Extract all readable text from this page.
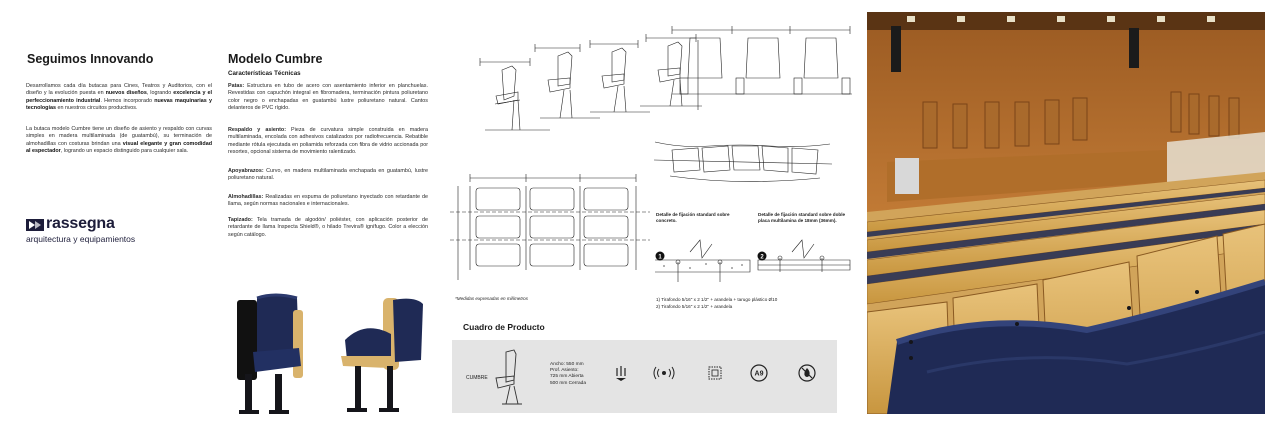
Seguimos Innovando
Desarrollamos cada día butacas para Cines, Teatros y Auditorios, con el diseño y la evolución puesta en nuevos diseños, logrando excelencia y el perfeccionamiento industrial. Hemos incorporado nuevas maquinarias y tecnologías en nuestros circuitos productivos.
La butaca modelo Cumbre tiene un diseño de asiento y respaldo con curvas simples en madera multilaminada (de guatambú), su terminación de almohadillas con costuras brindan una visual elegante y gran comodidad al espectador, logrando un espacio distinguido para cualquier sala.
rassegna
arquitectura y equipamientos
Modelo Cumbre
Características Técnicas
Patas: Estructura en tubo de acero con asentamiento inferior en planchuelas. Revestidas con capuchón integral en fibromadera, terminación pintura poliuretano color negro o enchapadas en guatambú lustre poliuretano natural. Cantos delanteros de PVC rígido.
Respaldo y asiento: Pieza de curvatura simple construida en madera multilaminada, encolada con adhesivos catalizados por radiofrecuencia. Rebatible mediante rótula ejecutada en poliamida reforzada con fibra de vidrio accionada por resortes, opcional sistema de movimiento ralentizado.
Apoyabrazos: Curvo, en madera multilaminada enchapada en guatambú, lustre poliuretano natural.
Almohadillas: Realizadas en espuma de poliuretano inyectado con retardante de llama, según normas nacionales e internacionales.
Tapizado: Tela tramada de algodón/ poliéster, con aplicación posterior de retardante de llama Inspecta Shield®, o hilado Trevira® ignífugo. Color a elección según catálogo.
1	2
*Medidas expresadas en milímetros
Detalle de fijación standard sobre concreto.
Detalle de fijación standard sobre doble placa multilamina de 18mm (36mm).
1) Tirafondo 5/16" x 2 1/2" + arandela + tarugo plástico Ø10
2) Tirafondo 5/16" x 2 1/2" + arandela
Cuadro de Producto
CUMBRE
Ancho: 550 mm
Prof. Asiento:
725 mm Abierta
500 mm Cerrada
A9
